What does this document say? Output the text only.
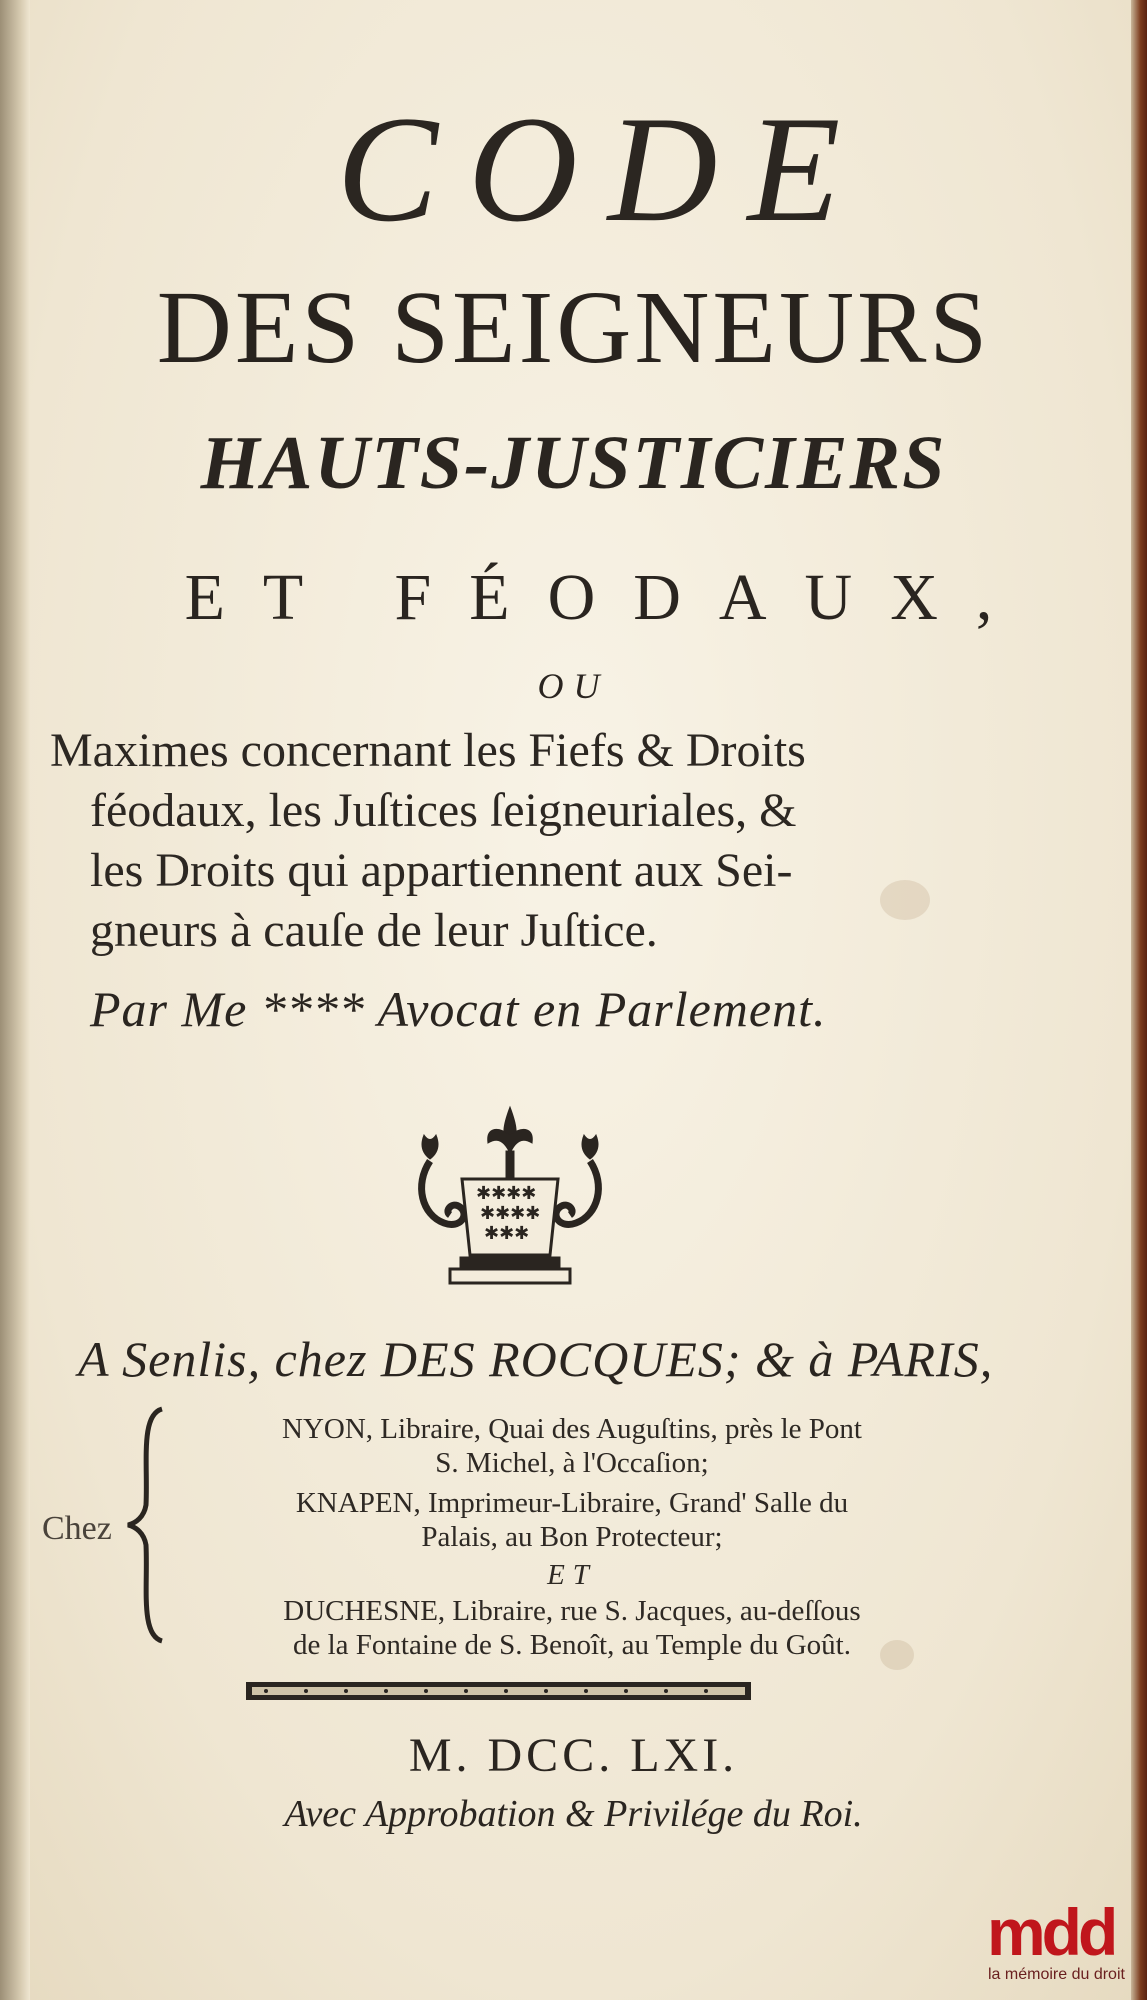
CODE
DES SEIGNEURS
HAUTS-JUSTICIERS
ET FÉODAUX,
OU
Maximes concernant les Fiefs & Droits
féodaux, les Juſtices ſeigneuriales, &
les Droits qui appartiennent aux Sei-
gneurs à cauſe de leur Juſtice.
Par Me **** Avocat en Parlement.
✱✱✱✱
✱✱✱✱
✱✱✱
A Senlis, chez DES ROCQUES; & à PARIS,
Chez
NYON, Libraire, Quai des Auguſtins, près le Pont
S. Michel, à l'Occaſion;
KNAPEN, Imprimeur-Libraire, Grand' Salle du
Palais, au Bon Protecteur;
ET
DUCHESNE, Libraire, rue S. Jacques, au-deſſous
de la Fontaine de S. Benoît, au Temple du Goût.
M. DCC. LXI.
Avec Approbation & Privilége du Roi.
mdd
la mémoire du droit
